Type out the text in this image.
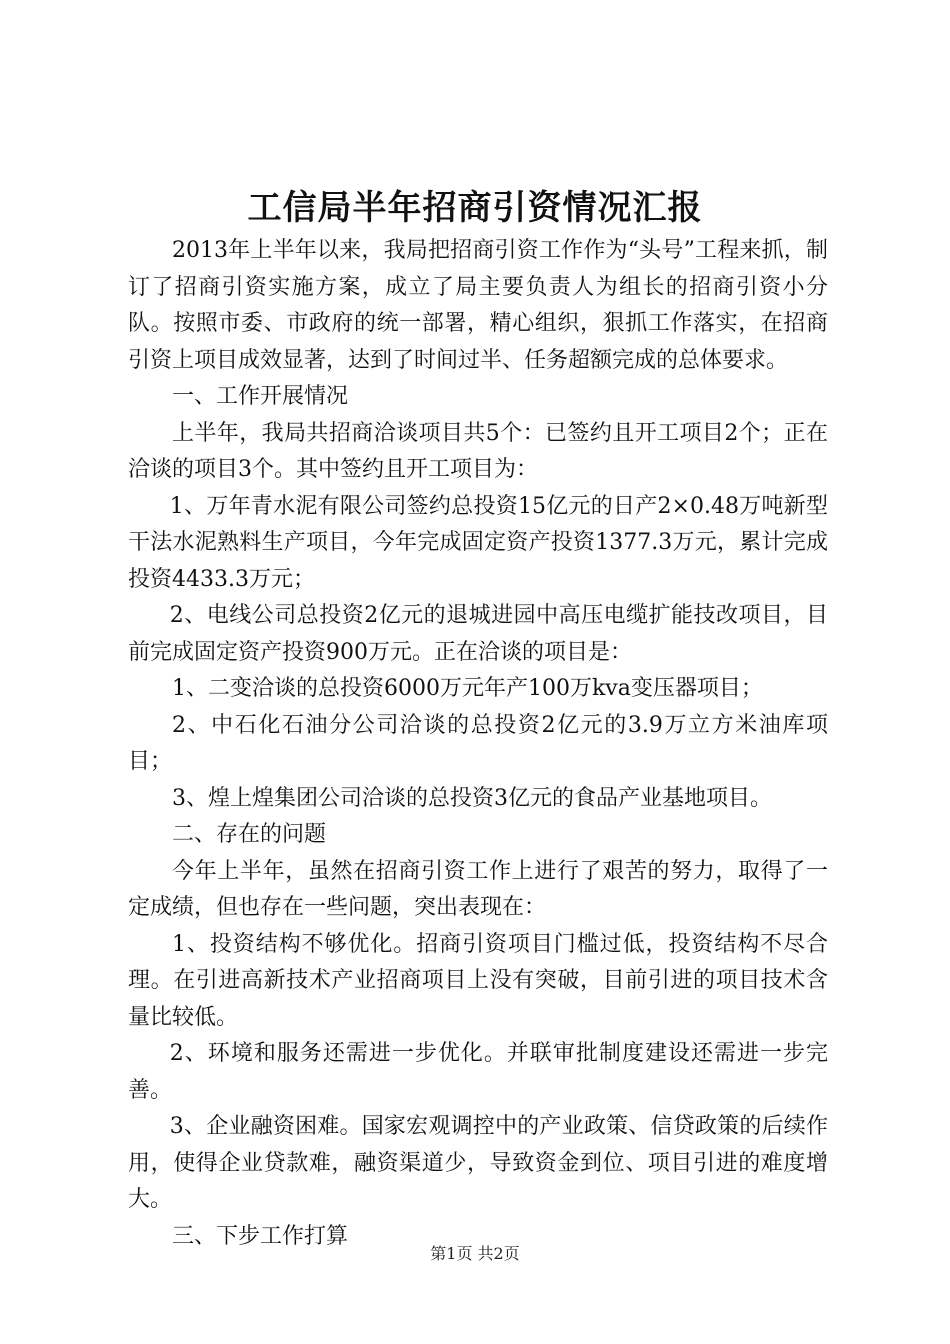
工信局半年招商引资情况汇报

2013年上半年以来，我局把招商引资工作作为“头号”工程来抓，制订了招商引资实施方案，成立了局主要负责人为组长的招商引资小分队。按照市委、市政府的统一部署，精心组织，狠抓工作落实，在招商引资上项目成效显著，达到了时间过半、任务超额完成的总体要求。

一、工作开展情况

上半年，我局共招商洽谈项目共5个：已签约且开工项目2个；正在洽谈的项目3个。其中签约且开工项目为：

1、万年青水泥有限公司签约总投资15亿元的日产2×0.48万吨新型干法水泥熟料生产项目，今年完成固定资产投资1377.3万元，累计完成投资4433.3万元；

2、电线公司总投资2亿元的退城进园中高压电缆扩能技改项目，目前完成固定资产投资900万元。正在洽谈的项目是：

1、二变洽谈的总投资6000万元年产100万kva变压器项目；

2、中石化石油分公司洽谈的总投资2亿元的3.9万立方米油库项目；

3、煌上煌集团公司洽谈的总投资3亿元的食品产业基地项目。

二、存在的问题

今年上半年，虽然在招商引资工作上进行了艰苦的努力，取得了一定成绩，但也存在一些问题，突出表现在：

1、投资结构不够优化。招商引资项目门槛过低，投资结构不尽合理。在引进高新技术产业招商项目上没有突破，目前引进的项目技术含量比较低。

2、环境和服务还需进一步优化。并联审批制度建设还需进一步完善。

3、企业融资困难。国家宏观调控中的产业政策、信贷政策的后续作用，使得企业贷款难，融资渠道少，导致资金到位、项目引进的难度增大。

三、下步工作打算

第1页 共2页
